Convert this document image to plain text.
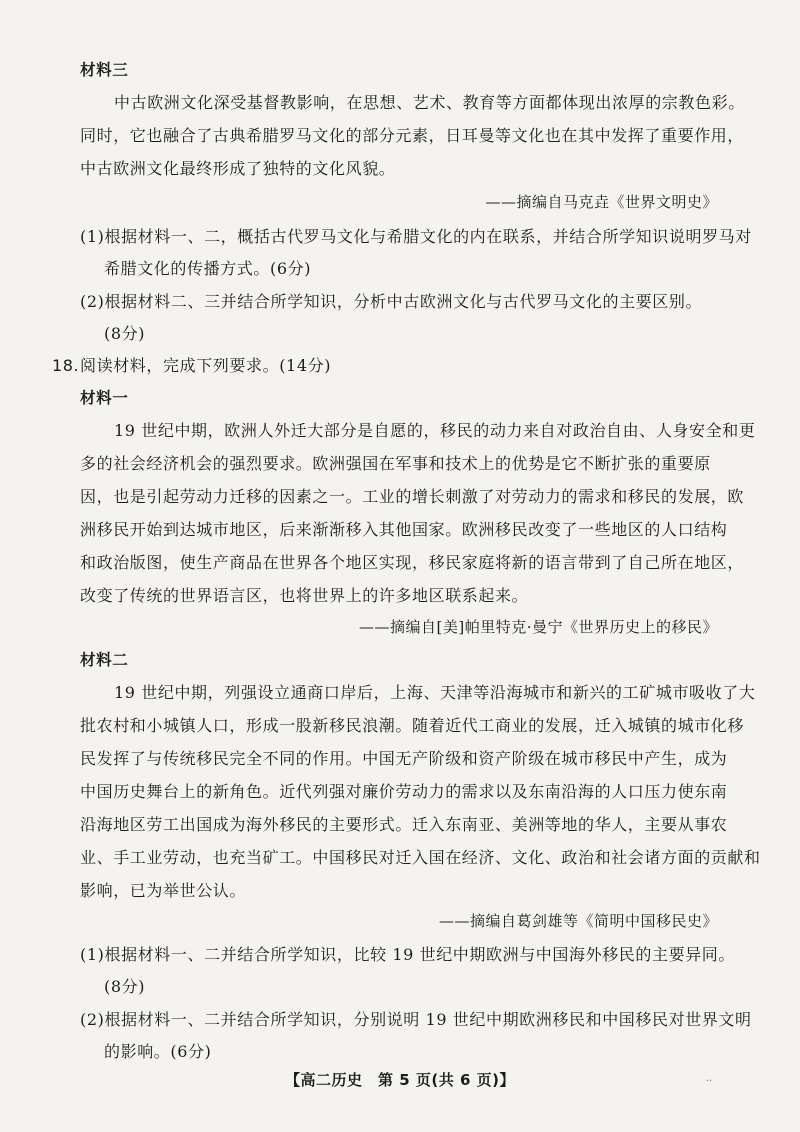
材料三
中古欧洲文化深受基督教影响，在思想、艺术、教育等方面都体现出浓厚的宗教色彩。
同时，它也融合了古典希腊罗马文化的部分元素，日耳曼等文化也在其中发挥了重要作用，
中古欧洲文化最终形成了独特的文化风貌。
——摘编自马克垚《世界文明史》
(1)根据材料一、二，概括古代罗马文化与希腊文化的内在联系，并结合所学知识说明罗马对
希腊文化的传播方式。(6分)
(2)根据材料二、三并结合所学知识，分析中古欧洲文化与古代罗马文化的主要区别。
(8分)
18. 阅读材料，完成下列要求。(14分)
材料一
19 世纪中期，欧洲人外迁大部分是自愿的，移民的动力来自对政治自由、人身安全和更
多的社会经济机会的强烈要求。欧洲强国在军事和技术上的优势是它不断扩张的重要原
因，也是引起劳动力迁移的因素之一。工业的增长刺激了对劳动力的需求和移民的发展，欧
洲移民开始到达城市地区，后来渐渐移入其他国家。欧洲移民改变了一些地区的人口结构
和政治版图，使生产商品在世界各个地区实现，移民家庭将新的语言带到了自己所在地区，
改变了传统的世界语言区，也将世界上的许多地区联系起来。
——摘编自[美]帕里特克·曼宁《世界历史上的移民》
材料二
19 世纪中期，列强设立通商口岸后，上海、天津等沿海城市和新兴的工矿城市吸收了大
批农村和小城镇人口，形成一股新移民浪潮。随着近代工商业的发展，迁入城镇的城市化移
民发挥了与传统移民完全不同的作用。中国无产阶级和资产阶级在城市移民中产生，成为
中国历史舞台上的新角色。近代列强对廉价劳动力的需求以及东南沿海的人口压力使东南
沿海地区劳工出国成为海外移民的主要形式。迁入东南亚、美洲等地的华人，主要从事农
业、手工业劳动，也充当矿工。中国移民对迁入国在经济、文化、政治和社会诸方面的贡献和
影响，已为举世公认。
——摘编自葛剑雄等《简明中国移民史》
(1)根据材料一、二并结合所学知识，比较 19 世纪中期欧洲与中国海外移民的主要异同。
(8分)
(2)根据材料一、二并结合所学知识，分别说明 19 世纪中期欧洲移民和中国移民对世界文明
的影响。(6分)
【高二历史　第 5 页(共 6 页)】	··
